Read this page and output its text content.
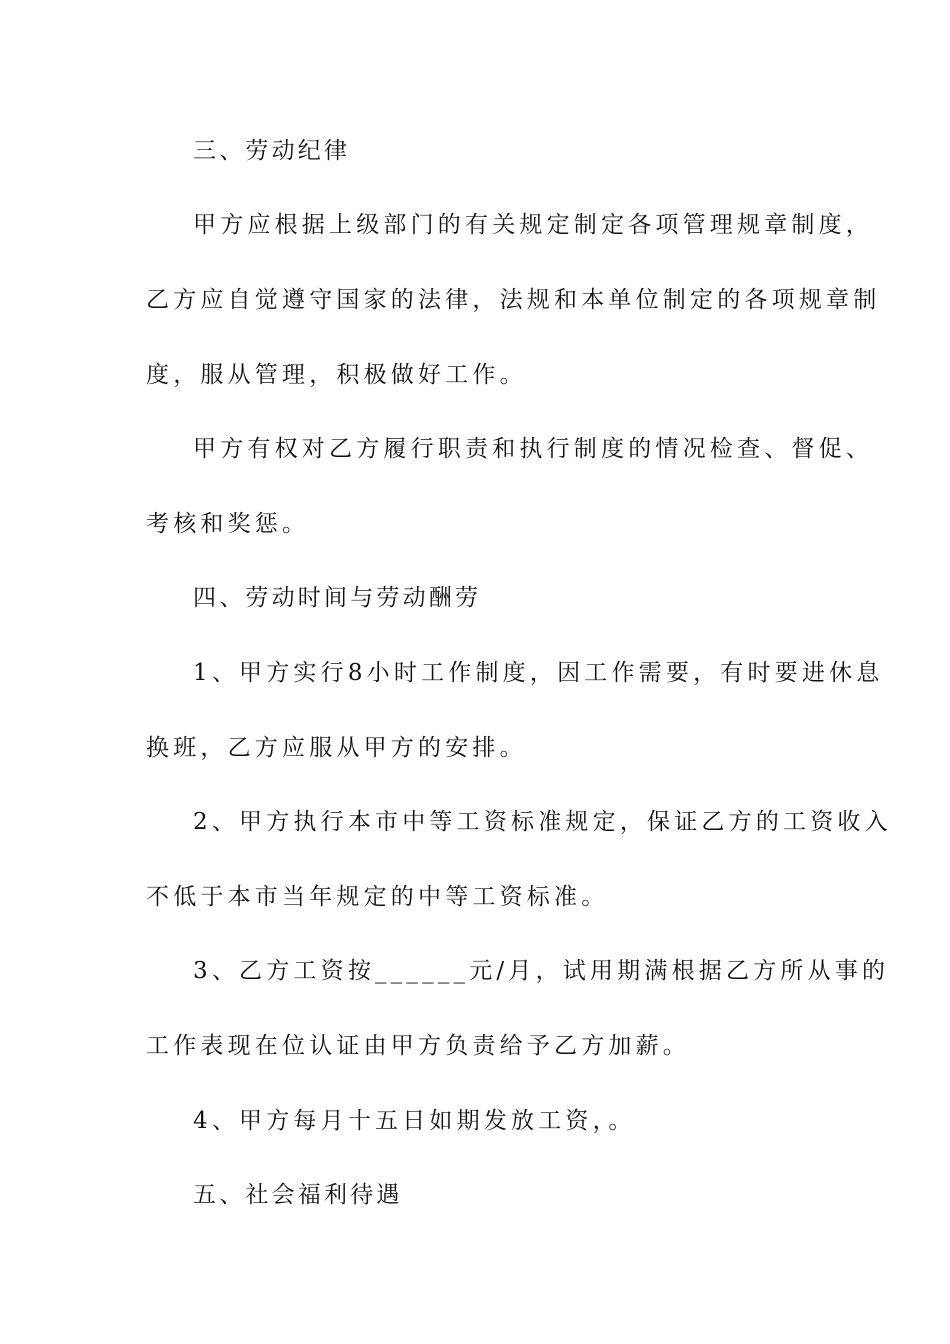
三、劳动纪律
甲方应根据上级部门的有关规定制定各项管理规章制度，
乙方应自觉遵守国家的法律，法规和本单位制定的各项规章制
度，服从管理，积极做好工作。
甲方有权对乙方履行职责和执行制度的情况检查、督促、
考核和奖惩。
四、劳动时间与劳动酬劳
1、甲方实行8小时工作制度，因工作需要，有时要进休息
换班，乙方应服从甲方的安排。
2、甲方执行本市中等工资标准规定，保证乙方的工资收入
不低于本市当年规定的中等工资标准。
3、乙方工资按______元/月，试用期满根据乙方所从事的
工作表现在位认证由甲方负责给予乙方加薪。
4、甲方每月十五日如期发放工资，。
五、社会福利待遇
